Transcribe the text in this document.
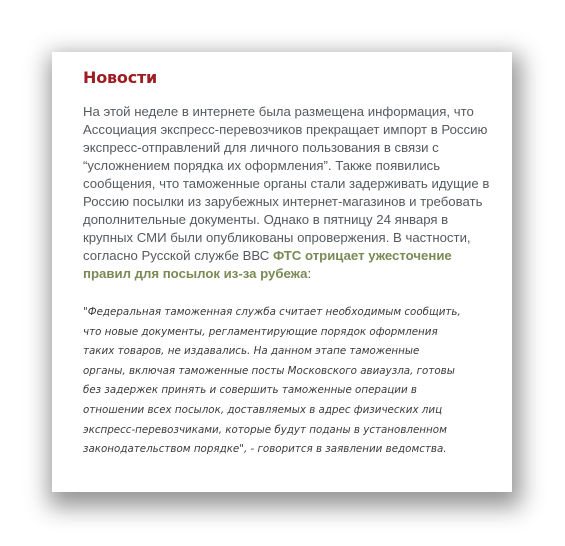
Новости

На этой неделе в интернете была размещена информация, что
Ассоциация экспресс-перевозчиков прекращает импорт в Россию
экспресс-отправлений для личного пользования в связи с
“усложнением порядка их оформления”. Также появились
сообщения, что таможенные органы стали задерживать идущие в
Россию посылки из зарубежных интернет-магазинов и требовать
дополнительные документы. Однако в пятницу 24 января в
крупных СМИ были опубликованы опровержения. В частности,
согласно Русской службе ВВС ФТС отрицает ужесточение
правил для посылок из-за рубежа:

"Федеральная таможенная служба считает необходимым сообщить,
что новые документы, регламентирующие порядок оформления
таких товаров, не издавались. На данном этапе таможенные
органы, включая таможенные посты Московского авиаузла, готовы
без задержек принять и совершить таможенные операции в
отношении всех посылок, доставляемых в адрес физических лиц
экспресс-перевозчиками, которые будут поданы в установленном
законодательством порядке", - говорится в заявлении ведомства.
